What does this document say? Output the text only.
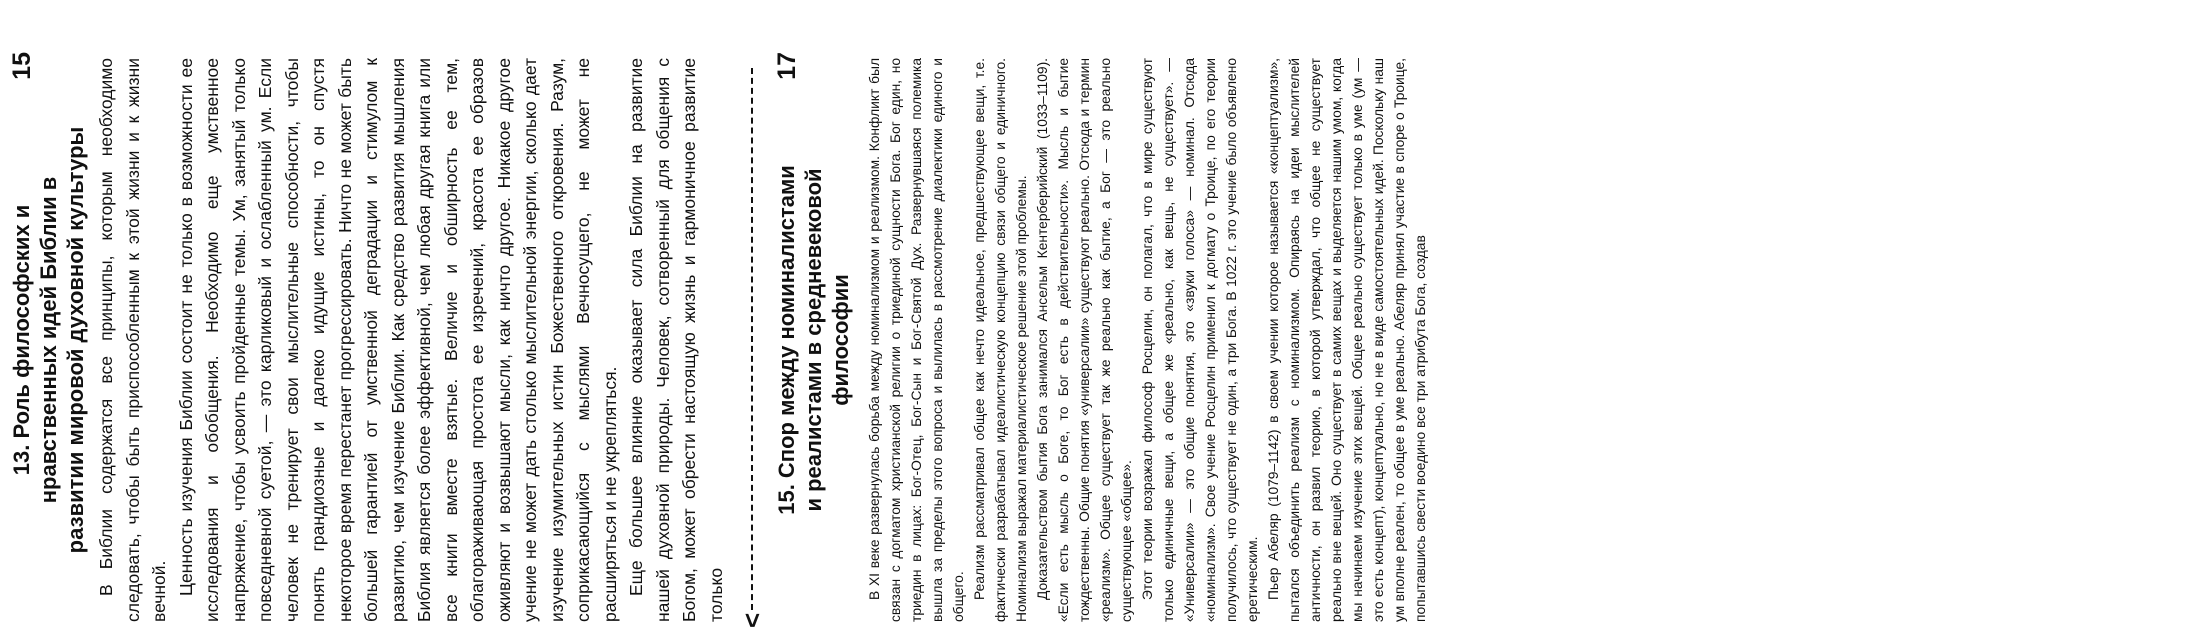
15
13. Роль философских и нравственных идей Библии в развитии мировой духовной культуры В Библии содержатся все принципы, которым необходимо следовать, чтобы быть приспособленным к этой жизни и к жизни вечной. Ценность изучения Библии состоит не только в возможности ее исследования и обобщения. Необходимо еще умственное напряжение, чтобы усвоить пройденные темы. Ум, занятый только повседневной суетой, — это карликовый и ослабленный ум. Если человек не тренирует свои мыслительные способности, чтобы понять грандиозные и далеко идущие истины, то он спустя некоторое время перестанет прогрессировать. Ничто не может быть большей гарантией от умственной деградации и стимулом к развитию, чем изучение Библии. Как средство развития мышления Библия является более эффективной, чем любая другая книга или все книги вместе взятые. Величие и обширность ее тем, облагораживающая простота ее изречений, красота ее образов оживляют и возвышают мысли, как ничто другое. Никакое другое учение не может дать столько мыслительной энергии, сколько дает изучение изумительных истин Божественного откровения. Разум, соприкасающийся с мыслями Вечносущего, не может не расширяться и не укрепляться. Еще большее влияние оказывает сила Библии на развитие нашей духовной природы. Человек, сотворенный для общения с Богом, может обрести настоящую жизнь и гармоничное развитие только <
17
15. Спор между номиналистами и реалистами в средневековой философии В XI веке развернулась борьба между номинализмом и реализмом. Конфликт был связан с догматом христианской религии о триединой сущности Бога. Бог един, но триедин в лицах: Бог-Отец, Бог-Сын и Бог-Святой Дух. Развернувшаяся полемика вышла за пределы этого вопроса и вылилась в рассмотрение диалектики единого и общего. Реализм рассматривал общее как нечто идеальное, предшествующее вещи, т.е. фактически разрабатывал идеалистическую концепцию связи общего и единичного. Номинализм выражал материалистическое решение этой проблемы. Доказательством бытия Бога занимался Ансельм Кентерберийский (1033–1109). «Если есть мысль о Боге, то Бог есть в действительности». Мысль и бытие тождественны. Общие понятия «универсалии» существуют реально. Отсюда и термин «реализм». Общее существует так же реально как бытие, а Бог — это реально существующее «общее». Этот теории возражал философ Росцелин, он полагал, что в мире существуют только единичные вещи, а общее же «реально, как вещь, не существует». — «Универсалии» — это общие понятия, это «звуки голоса» — номинал. Отсюда «номинализм». Свое учение Росцелин применил к догмату о Троице, по его теории получилось, что существует не один, а три Бога. В 1022 г. это учение было объявлено еретическим. Пьер Абеляр (1079–1142) в своем учении которое называется «концептуализм», пытался объединить реализм с номинализмом. Опираясь на идеи мыслителей античности, он развил теорию, в которой утверждал, что общее не существует реально вне вещей. Оно существует в самих вещах и выделяется нашим умом, когда мы начинаем изучение этих вещей. Общее реально существует только в уме (ум — это есть концепт), концептуально, но не в виде самостоятельных идей. Поскольку наш ум вполне реален, то общее в уме реально. Абеляр принял участие в споре о Троице, попытавшись свести воедино все три атрибута Бога, создав
